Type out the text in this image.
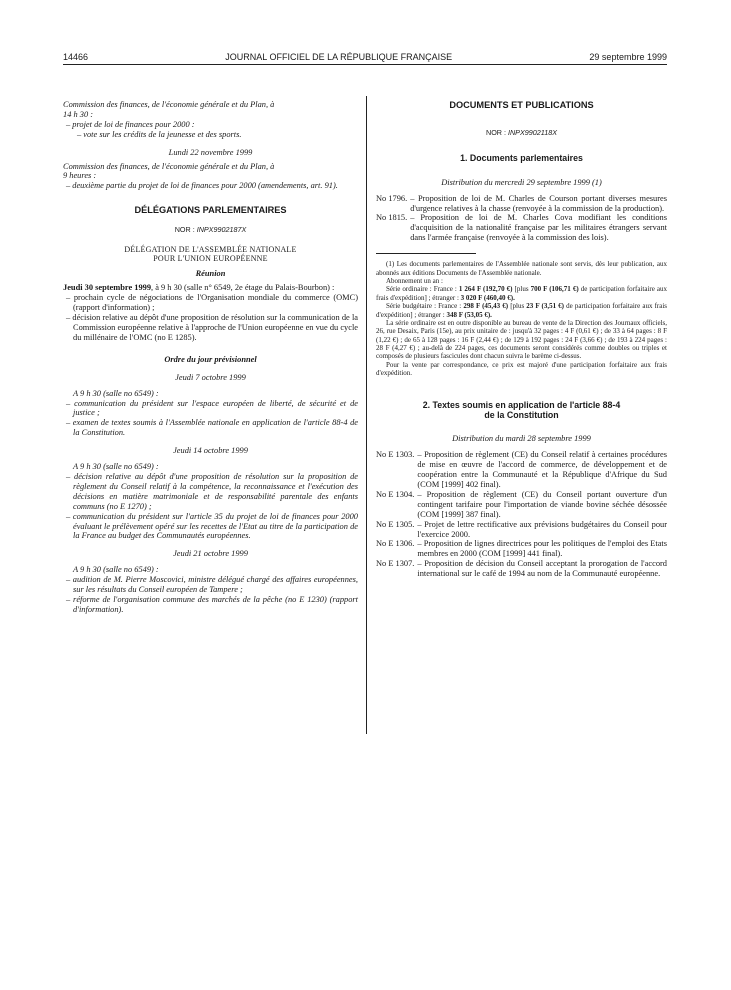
14466	JOURNAL OFFICIEL DE LA RÉPUBLIQUE FRANÇAISE	29 septembre 1999

Commission des finances, de l'économie générale et du Plan, à
14 h 30 :

– projet de loi de finances pour 2000 :

– vote sur les crédits de la jeunesse et des sports.

Lundi 22 novembre 1999

Commission des finances, de l'économie générale et du Plan, à
9 heures :

– deuxième partie du projet de loi de finances pour 2000 (amendements, art. 91).

DÉLÉGATIONS PARLEMENTAIRES

NOR : INPX9902187X

DÉLÉGATION DE L'ASSEMBLÉE NATIONALE
POUR L'UNION EUROPÉENNE

Réunion

Jeudi 30 septembre 1999, à 9 h 30 (salle n° 6549, 2e étage du Palais-Bourbon) :

– prochain cycle de négociations de l'Organisation mondiale du commerce (OMC) (rapport d'information) ;

– décision relative au dépôt d'une proposition de résolution sur la communication de la Commission européenne relative à l'approche de l'Union européenne en vue du cycle du millénaire de l'OMC (no E 1285).

Ordre du jour prévisionnel

Jeudi 7 octobre 1999

A 9 h 30 (salle no 6549) :

– communication du président sur l'espace européen de liberté, de sécurité et de justice ;

– examen de textes soumis à l'Assemblée nationale en application de l'article 88-4 de la Constitution.

Jeudi 14 octobre 1999

A 9 h 30 (salle no 6549) :

– décision relative au dépôt d'une proposition de résolution sur la proposition de règlement du Conseil relatif à la compétence, la reconnaissance et l'exécution des décisions en matière matrimoniale et de responsabilité parentale des enfants communs (no E 1270) ;

– communication du président sur l'article 35 du projet de loi de finances pour 2000 évaluant le prélèvement opéré sur les recettes de l'Etat au titre de la participation de la France au budget des Communautés européennes.

Jeudi 21 octobre 1999

A 9 h 30 (salle no 6549) :

– audition de M. Pierre Moscovici, ministre délégué chargé des affaires européennes, sur les résultats du Conseil européen de Tampere ;

– réforme de l'organisation commune des marchés de la pêche (no E 1230) (rapport d'information).

DOCUMENTS ET PUBLICATIONS

NOR : INPX9902118X

1. Documents parlementaires

Distribution du mercredi 29 septembre 1999 (1)

No 1796. – Proposition de loi de M. Charles de Courson portant diverses mesures d'urgence relatives à la chasse (renvoyée à la commission de la production).
No 1815. – Proposition de loi de M. Charles Cova modifiant les conditions d'acquisition de la nationalité française par les militaires étrangers servant dans l'armée française (renvoyée à la commission des lois).

(1) Les documents parlementaires de l'Assemblée nationale sont servis, dès leur publication, aux abonnés aux éditions Documents de l'Assemblée nationale.

Abonnement un an :

Série ordinaire : France : 1 264 F (192,70 €) [plus 700 F (106,71 €) de participation forfaitaire aux frais d'expédition] ; étranger : 3 020 F (460,40 €).

Série budgétaire : France : 298 F (45,43 €) [plus 23 F (3,51 €) de participation forfaitaire aux frais d'expédition] ; étranger : 348 F (53,05 €).

La série ordinaire est en outre disponible au bureau de vente de la Direction des Journaux officiels, 26, rue Desaix, Paris (15e), au prix unitaire de : jusqu'à 32 pages : 4 F (0,61 €) ; de 33 à 64 pages : 8 F (1,22 €) ; de 65 à 128 pages : 16 F (2,44 €) ; de 129 à 192 pages : 24 F (3,66 €) ; de 193 à 224 pages : 28 F (4,27 €) ; au-delà de 224 pages, ces documents seront considérés comme doubles ou triples et composés de plusieurs fascicules dont chacun suivra le barème ci-dessus.

Pour la vente par correspondance, ce prix est majoré d'une participation forfaitaire aux frais d'expédition.

2. Textes soumis en application de l'article 88-4
de la Constitution

Distribution du mardi 28 septembre 1999

No E 1303. – Proposition de règlement (CE) du Conseil relatif à certaines procédures de mise en œuvre de l'accord de commerce, de développement et de coopération entre la Communauté et la République d'Afrique du Sud (COM [1999] 402 final).
No E 1304. – Proposition de règlement (CE) du Conseil portant ouverture d'un contingent tarifaire pour l'importation de viande bovine séchée désossée (COM [1999] 387 final).
No E 1305. – Projet de lettre rectificative aux prévisions budgétaires du Conseil pour l'exercice 2000.
No E 1306. – Proposition de lignes directrices pour les politiques de l'emploi des Etats membres en 2000 (COM [1999] 441 final).
No E 1307. – Proposition de décision du Conseil acceptant la prorogation de l'accord international sur le café de 1994 au nom de la Communauté européenne.
